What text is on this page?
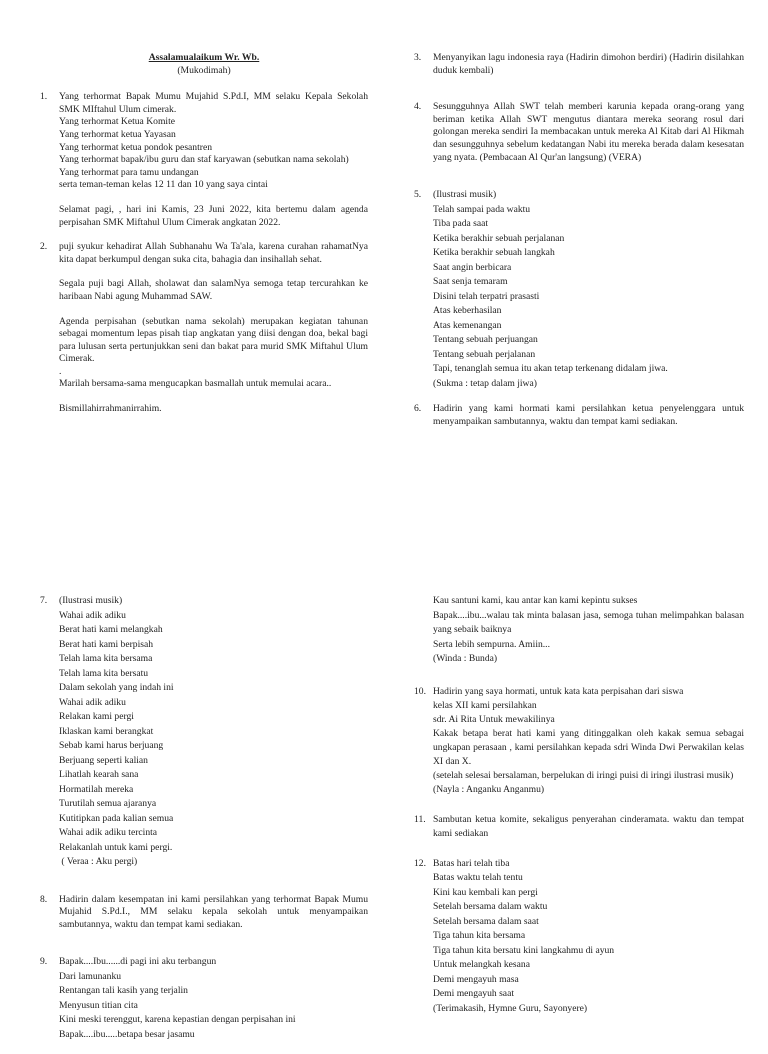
Assalamualaikum Wr. Wb.

(Mukodimah)

1. Yang terhormat Bapak Mumu Mujahid S.Pd.I, MM selaku Kepala Sekolah SMK MIftahul Ulum cimerak.

Yang terhormat Ketua Komite

Yang terhormat ketua Yayasan

Yang terhormat ketua pondok pesantren

Yang terhormat bapak/ibu guru dan staf karyawan (sebutkan nama sekolah)

Yang terhormat para tamu undangan

serta teman-teman kelas 12 11 dan 10 yang saya cintai

Selamat pagi, , hari ini Kamis, 23 Juni 2022, kita bertemu dalam agenda perpisahan SMK Miftahul Ulum Cimerak angkatan 2022.

2. puji syukur kehadirat Allah Subhanahu Wa Ta'ala, karena curahan rahamatNya kita dapat berkumpul dengan suka cita, bahagia dan insihallah sehat.

Segala puji bagi Allah, sholawat dan salamNya semoga tetap tercurahkan ke haribaan Nabi agung Muhammad SAW.

Agenda perpisahan (sebutkan nama sekolah) merupakan kegiatan tahunan sebagai momentum lepas pisah tiap angkatan yang diisi dengan doa, bekal bagi para lulusan serta pertunjukkan seni dan bakat para murid SMK Miftahul Ulum Cimerak.

.

Marilah bersama-sama mengucapkan basmallah untuk memulai acara..

Bismillahirrahmanirrahim.

3. Menyanyikan lagu indonesia raya (Hadirin dimohon berdiri) (Hadirin disilahkan duduk kembali)

4. Sesungguhnya Allah SWT telah memberi karunia kepada orang-orang yang beriman ketika Allah SWT mengutus diantara mereka seorang rosul dari golongan mereka sendiri Ia membacakan untuk mereka Al Kitab dari Al Hikmah dan sesungguhnya sebelum kedatangan Nabi itu mereka berada dalam kesesatan yang nyata. (Pembacaan Al Qur'an langsung) (VERA)

5. (Ilustrasi musik)

Telah sampai pada waktu

Tiba pada saat

Ketika berakhir sebuah perjalanan

Ketika berakhir sebuah langkah

Saat angin berbicara

Saat senja temaram

Disini telah terpatri prasasti

Atas keberhasilan

Atas kemenangan

Tentang sebuah perjuangan

Tentang sebuah perjalanan

Tapi, tenanglah semua itu akan tetap terkenang didalam jiwa.

(Sukma : tetap dalam jiwa)

6. Hadirin yang kami hormati kami persilahkan ketua penyelenggara untuk menyampaikan sambutannya, waktu dan tempat kami sediakan.

7. (Ilustrasi musik)

Wahai adik adiku

Berat hati kami melangkah

Berat hati kami berpisah

Telah lama kita bersama

Telah lama kita bersatu

Dalam sekolah yang indah ini

Wahai adik adiku

Relakan kami pergi

Iklaskan kami berangkat

Sebab kami harus berjuang

Berjuang seperti kalian

Lihatlah kearah sana

Hormatilah mereka

Turutilah semua ajaranya

Kutitipkan pada kalian semua

Wahai adik adiku tercinta

Relakanlah untuk kami pergi.

( Veraa : Aku pergi)

8. Hadirin dalam kesempatan ini kami persilahkan yang terhormat Bapak Mumu Mujahid S.Pd.I., MM selaku kepala sekolah untuk menyampaikan sambutannya, waktu dan tempat kami sediakan.

9. Bapak....Ibu......di pagi ini aku terbangun

Dari lamunanku

Rentangan tali kasih yang terjalin

Menyusun titian cita

Kini meski terenggut, karena kepastian dengan perpisahan ini

Bapak....ibu.....betapa besar jasamu

Kau santuni kami, kau antar kan kami kepintu sukses

Bapak....ibu...walau tak minta balasan jasa, semoga tuhan melimpahkan balasan yang sebaik baiknya

Serta lebih sempurna. Amiin...

(Winda : Bunda)

10. Hadirin yang saya hormati, untuk kata kata perpisahan dari siswa

kelas XII kami persilahkan

sdr. Ai Rita Untuk mewakilinya

Kakak betapa berat hati kami yang ditinggalkan oleh kakak semua sebagai ungkapan perasaan , kami persilahkan kepada sdri Winda Dwi Perwakilan kelas XI dan X.

(setelah selesai bersalaman, berpelukan di iringi puisi di iringi ilustrasi musik)

(Nayla : Anganku Anganmu)

11. Sambutan ketua komite, sekaligus penyerahan cinderamata. waktu dan tempat kami sediakan

12. Batas hari telah tiba

Batas waktu telah tentu

Kini kau kembali kan pergi

Setelah bersama dalam waktu

Setelah bersama dalam saat

Tiga tahun kita bersama

Tiga tahun kita bersatu kini langkahmu di ayun

Untuk melangkah kesana

Demi mengayuh masa

Demi mengayuh saat

(Terimakasih, Hymne Guru, Sayonyere)
